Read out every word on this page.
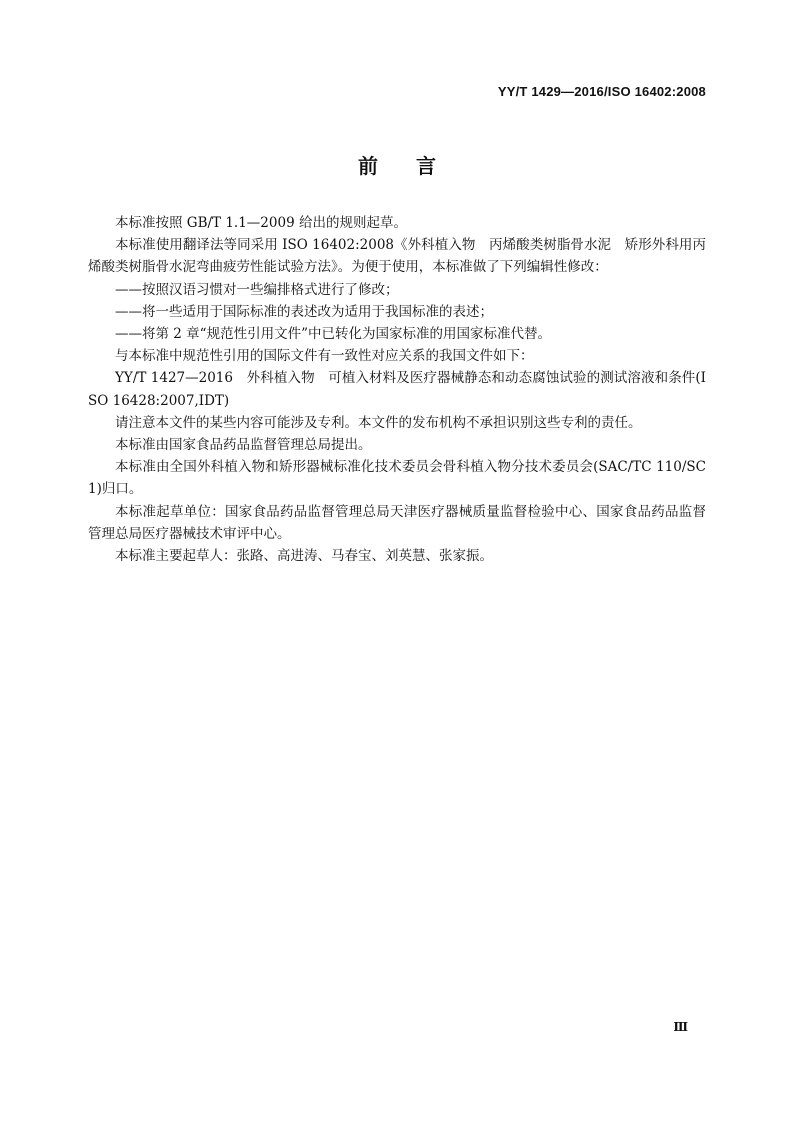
YY/T 1429—2016/ISO 16402:2008
前言

本标准按照 GB/T 1.1—2009 给出的规则起草。

本标准使用翻译法等同采用 ISO 16402:2008《外科植入物　丙烯酸类树脂骨水泥　矫形外科用丙烯酸类树脂骨水泥弯曲疲劳性能试验方法》。为便于使用，本标准做了下列编辑性修改：

——按照汉语习惯对一些编排格式进行了修改；

——将一些适用于国际标准的表述改为适用于我国标准的表述；

——将第 2 章“规范性引用文件”中已转化为国家标准的用国家标准代替。

与本标准中规范性引用的国际文件有一致性对应关系的我国文件如下：

YY/T 1427—2016　外科植入物　可植入材料及医疗器械静态和动态腐蚀试验的测试溶液和条件(ISO 16428:2007,IDT)

请注意本文件的某些内容可能涉及专利。本文件的发布机构不承担识别这些专利的责任。

本标准由国家食品药品监督管理总局提出。

本标准由全国外科植入物和矫形器械标准化技术委员会骨科植入物分技术委员会(SAC/TC 110/SC 1)归口。

本标准起草单位：国家食品药品监督管理总局天津医疗器械质量监督检验中心、国家食品药品监督管理总局医疗器械技术审评中心。

本标准主要起草人：张路、高进涛、马春宝、刘英慧、张家振。

Ⅲ
